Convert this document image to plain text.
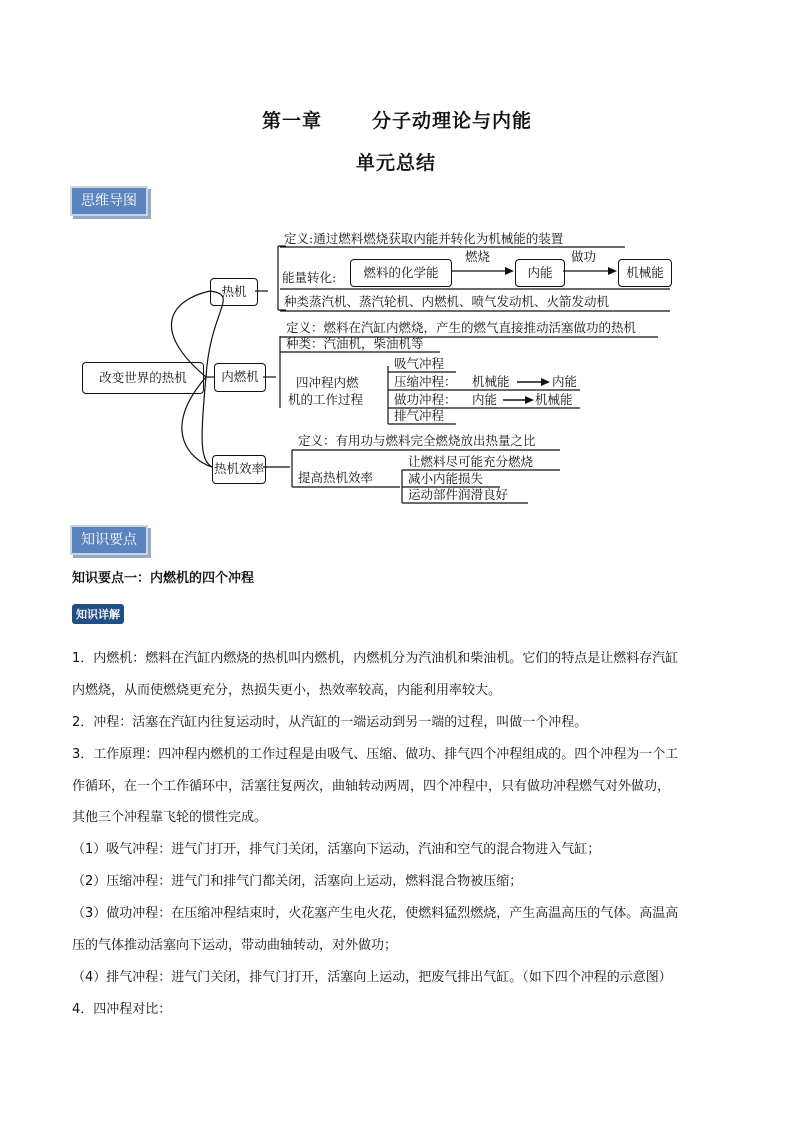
第一章	分子动理论与内能
单元总结
思维导图
改变世界的热机
热机
内燃机
热机效率
定义:通过燃料燃烧获取内能并转化为机械能的装置
能量转化:	燃料的化学能
燃烧
内能
做功
机械能
种类蒸汽机、蒸汽轮机、内燃机、喷气发动机、火箭发动机
定义：燃料在汽缸内燃烧，产生的燃气直接推动活塞做功的热机
种类：汽油机，柴油机等
四冲程内燃
机的工作过程
吸气冲程
压缩冲程： 机械能	内能
做功冲程： 内能	机械能
排气冲程
定义：有用功与燃料完全燃烧放出热量之比
提高热机效率
让燃料尽可能充分燃烧
减小内能损失
运动部件润滑良好
知识要点
知识要点一：内燃机的四个冲程
知识详解
1．内燃机：燃料在汽缸内燃烧的热机叫内燃机，内燃机分为汽油机和柴油机。它们的特点是让燃料存汽缸
内燃烧，从而使燃烧更充分，热损失更小，热效率较高，内能利用率较大。
2．冲程：活塞在汽缸内往复运动时，从汽缸的一端运动到另一端的过程，叫做一个冲程。
3．工作原理：四冲程内燃机的工作过程是由吸气、压缩、做功、排气四个冲程组成的。四个冲程为一个工
作循环，在一个工作循环中，活塞往复两次，曲轴转动两周，四个冲程中，只有做功冲程燃气对外做功，
其他三个冲程靠飞轮的惯性完成。
（1）吸气冲程：进气门打开，排气门关闭，活塞向下运动，汽油和空气的混合物进入气缸；
（2）压缩冲程：进气门和排气门都关闭，活塞向上运动，燃料混合物被压缩；
（3）做功冲程：在压缩冲程结束时，火花塞产生电火花，使燃料猛烈燃烧，产生高温高压的气体。高温高
压的气体推动活塞向下运动，带动曲轴转动，对外做功；
（4）排气冲程：进气门关闭，排气门打开，活塞向上运动，把废气排出气缸。（如下四个冲程的示意图）
4．四冲程对比：
